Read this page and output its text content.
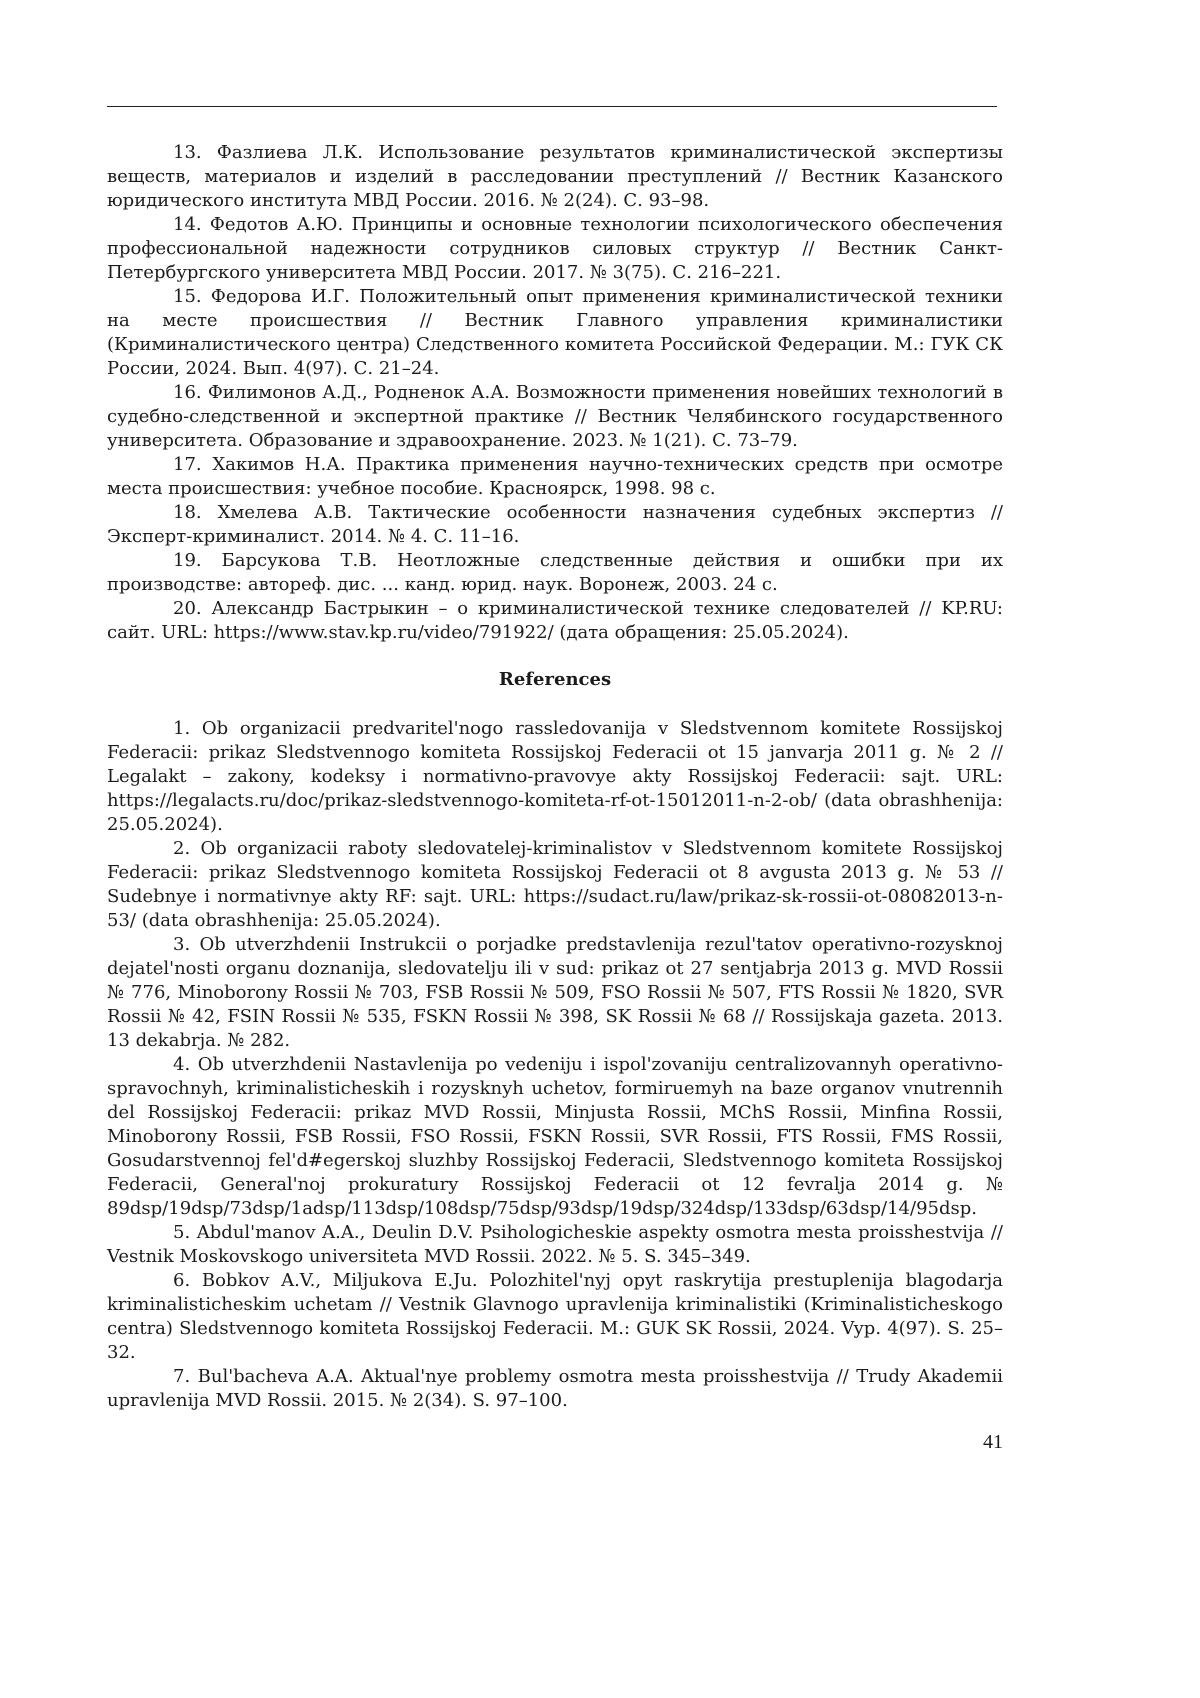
13. Фазлиева Л.К. Использование результатов криминалистической экспертизы веществ, материалов и изделий в расследовании преступлений // Вестник Казанского юридического института МВД России. 2016. № 2(24). С. 93–98.

14. Федотов А.Ю. Принципы и основные технологии психологического обеспечения профессиональной надежности сотрудников силовых структур // Вестник Санкт-Петербургского университета МВД России. 2017. № 3(75). С. 216–221.

15. Федорова И.Г. Положительный опыт применения криминалистической техники на месте происшествия // Вестник Главного управления криминалистики (Криминалистического центра) Следственного комитета Российской Федерации. М.: ГУК СК России, 2024. Вып. 4(97). С. 21–24.

16. Филимонов А.Д., Родненок А.А. Возможности применения новейших технологий в судебно-следственной и экспертной практике // Вестник Челябинского государственного университета. Образование и здравоохранение. 2023. № 1(21). С. 73–79.

17. Хакимов Н.А. Практика применения научно-технических средств при осмотре места происшествия: учебное пособие. Красноярск, 1998. 98 с.

18. Хмелева А.В. Тактические особенности назначения судебных экспертиз // Эксперт-криминалист. 2014. № 4. С. 11–16.

19. Барсукова Т.В. Неотложные следственные действия и ошибки при их производстве: автореф. дис. ... канд. юрид. наук. Воронеж, 2003. 24 с.

20. Александр Бастрыкин – о криминалистической технике следователей // KP.RU: сайт. URL: https://www.stav.kp.ru/video/791922/ (дата обращения: 25.05.2024).

References

1. Ob organizacii predvaritel'nogo rassledovanija v Sledstvennom komitete Rossijskoj Federacii: prikaz Sledstvennogo komiteta Rossijskoj Federacii ot 15 janvarja 2011 g. № 2 // Legalakt – zakony, kodeksy i normativno-pravovye akty Rossijskoj Federacii: sajt. URL: https://legalacts.ru/doc/prikaz-sledstvennogo-komiteta-rf-ot-15012011-n-2-ob/ (data obrashhenija: 25.05.2024).

2. Ob organizacii raboty sledovatelej-kriminalistov v Sledstvennom komitete Rossijskoj Federacii: prikaz Sledstvennogo komiteta Rossijskoj Federacii ot 8 avgusta 2013 g. № 53 // Sudebnye i normativnye akty RF: sajt. URL: https://sudact.ru/law/prikaz-sk-rossii-ot-08082013-n-53/ (data obrashhenija: 25.05.2024).

3. Ob utverzhdenii Instrukcii o porjadke predstavlenija rezul'tatov operativno-rozysknoj dejatel'nosti organu doznanija, sledovatelju ili v sud: prikaz ot 27 sentjabrja 2013 g. MVD Rossii № 776, Minoborony Rossii № 703, FSB Rossii № 509, FSO Rossii № 507, FTS Rossii № 1820, SVR Rossii № 42, FSIN Rossii № 535, FSKN Rossii № 398, SK Rossii № 68 // Rossijskaja gazeta. 2013. 13 dekabrja. № 282.

4. Ob utverzhdenii Nastavlenija po vedeniju i ispol'zovaniju centralizovannyh operativno-spravochnyh, kriminalisticheskih i rozysknyh uchetov, formiruemyh na baze organov vnutrennih del Rossijskoj Federacii: prikaz MVD Rossii, Minjusta Rossii, MChS Rossii, Minfina Rossii, Minoborony Rossii, FSB Rossii, FSO Rossii, FSKN Rossii, SVR Rossii, FTS Rossii, FMS Rossii, Gosudarstvennoj fel'd#egerskoj sluzhby Rossijskoj Federacii, Sledstvennogo komiteta Rossijskoj Federacii, General'noj prokuratury Rossijskoj Federacii ot 12 fevralja 2014 g. № 89dsp/19dsp/73dsp/1adsp/113dsp/108dsp/75dsp/93dsp/19dsp/324dsp/133dsp/63dsp/14/95dsp.

5. Abdul'manov A.A., Deulin D.V. Psihologicheskie aspekty osmotra mesta proisshestvija // Vestnik Moskovskogo universiteta MVD Rossii. 2022. № 5. S. 345–349.

6. Bobkov A.V., Miljukova E.Ju. Polozhitel'nyj opyt raskrytija prestuplenija blagodarja kriminalisticheskim uchetam // Vestnik Glavnogo upravlenija kriminalistiki (Kriminalisticheskogo centra) Sledstvennogo komiteta Rossijskoj Federacii. M.: GUK SK Rossii, 2024. Vyp. 4(97). S. 25–32.

7. Bul'bacheva A.A. Aktual'nye problemy osmotra mesta proisshestvija // Trudy Akademii upravlenija MVD Rossii. 2015. № 2(34). S. 97–100.

41
